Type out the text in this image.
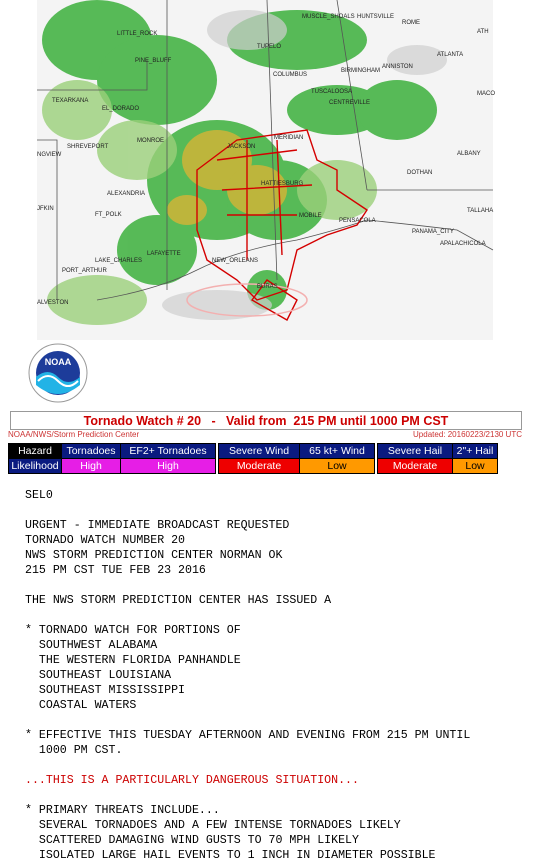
MUSCLE_SHOALS HUNTSVILLE
ROME
ATH
LITTLE_ROCK
TUPELO
PINE_BLUFF
ATLANTA
ANNISTON
BIRMINGHAM
COLUMBUS
TEXARKANA
EL_DORADO
TUSCALOOSA	MACO
CENTREVILLE
MONROE
SHREVEPORT	JACKSON
MERIDIAN
ALBANY
NGVIEW
HATTIESBURG
DOTHAN
JFKIN
FT_POLK	MOBILE
PENSACOLA
TALLAHA
ALEXANDRIA
PANAMA_CITY
APALACHICOLA
LAKE_CHARLES
LAFAYETTE
NEW_ORLEANS
PORT_ARTHUR
BURAS
ALVESTON
NOAA
Tornado Watch # 20   -   Valid from  215 PM until 1000 PM CST
NOAA/NWS/Storm Prediction Center	Updated: 20160223/2130 UTC
Hazard	Tornadoes	EF2+ Tornadoes		Severe Wind	65 kt+ Wind		Severe Hail	2"+ Hail
Likelihood	High	High		Moderate	Low		Moderate	Low
SEL0
URGENT - IMMEDIATE BROADCAST REQUESTED
TORNADO WATCH NUMBER 20
NWS STORM PREDICTION CENTER NORMAN OK
215 PM CST TUE FEB 23 2016
THE NWS STORM PREDICTION CENTER HAS ISSUED A
* TORNADO WATCH FOR PORTIONS OF
SOUTHWEST ALABAMA
THE WESTERN FLORIDA PANHANDLE
SOUTHEAST LOUISIANA
SOUTHEAST MISSISSIPPI
COASTAL WATERS
* EFFECTIVE THIS TUESDAY AFTERNOON AND EVENING FROM 215 PM UNTIL
1000 PM CST.
...THIS IS A PARTICULARLY DANGEROUS SITUATION...
* PRIMARY THREATS INCLUDE...
SEVERAL TORNADOES AND A FEW INTENSE TORNADOES LIKELY
SCATTERED DAMAGING WIND GUSTS TO 70 MPH LIKELY
ISOLATED LARGE HAIL EVENTS TO 1 INCH IN DIAMETER POSSIBLE
